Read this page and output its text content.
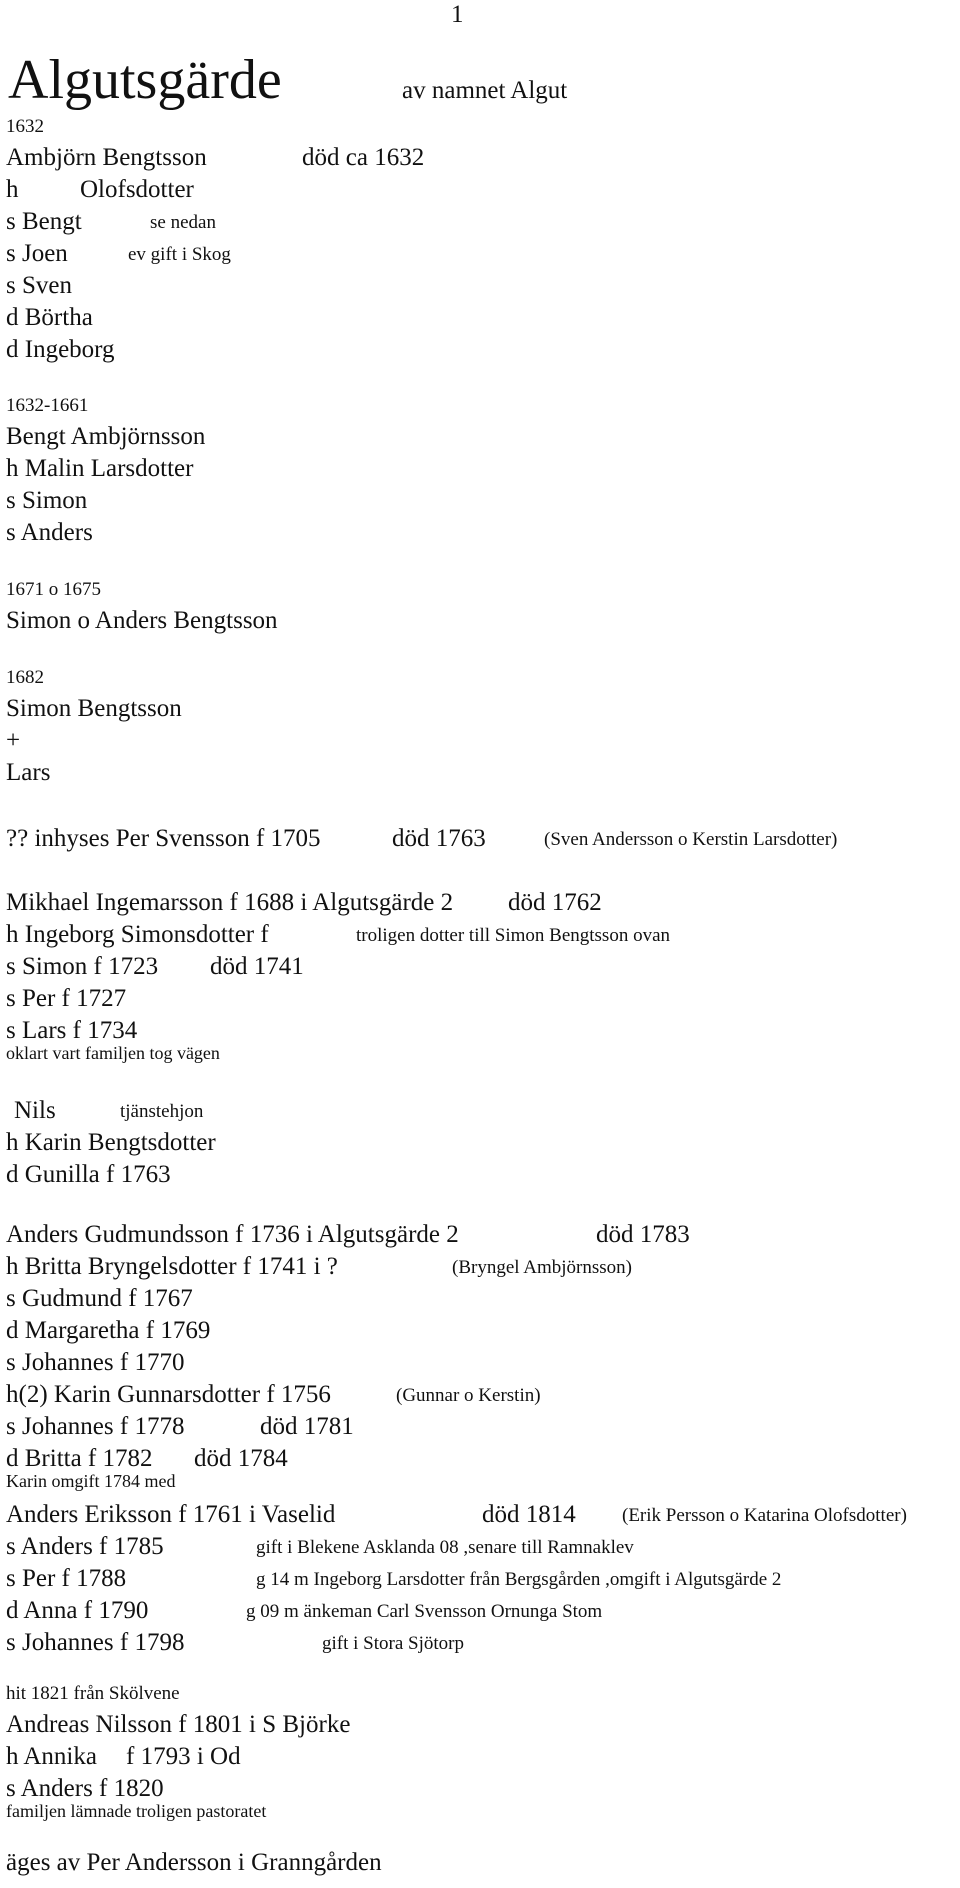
1
Algutsgärde	av namnet Algut
1632
Ambjörn Bengtsson	död ca 1632
h Olofsdotter
s Bengt	se nedan
s Joen	ev gift i Skog
s Sven
d Börtha
d Ingeborg
1632-1661
Bengt Ambjörnsson
h Malin Larsdotter
s Simon
s Anders
1671 o 1675
Simon o Anders Bengtsson
1682
Simon Bengtsson
+
Lars
?? inhyses Per Svensson f 1705	död 1763	(Sven Andersson o Kerstin Larsdotter)
Mikhael Ingemarsson f 1688 i Algutsgärde 2 död 1762
h Ingeborg Simonsdotter f	troligen dotter till Simon Bengtsson ovan
s Simon f 1723 död 1741
s Per f 1727
s Lars f 1734
oklart vart familjen tog vägen
Nils	tjänstehjon
h Karin Bengtsdotter
d Gunilla f 1763
Anders Gudmundsson f 1736 i Algutsgärde 2	död 1783
h Britta Bryngelsdotter f 1741 i ?	(Bryngel Ambjörnsson)
s Gudmund f 1767
d Margaretha f 1769
s Johannes f 1770
h(2) Karin Gunnarsdotter f 1756	(Gunnar o Kerstin)
s Johannes f 1778	död 1781
d Britta f 1782 död 1784
Karin omgift 1784 med
Anders Eriksson f 1761 i Vaselid	död 1814 (Erik Persson o Katarina Olofsdotter)
s Anders f 1785	gift i Blekene Asklanda 08 ,senare till Ramnaklev
s Per f 1788	g 14 m Ingeborg Larsdotter från Bergsgården ,omgift i Algutsgärde 2
d Anna f 1790	g 09 m änkeman Carl Svensson Ornunga Stom
s Johannes f 1798	gift i Stora Sjötorp
hit 1821 från Skölvene
Andreas Nilsson f 1801 i S Björke
h Annika f 1793 i Od
s Anders f 1820
familjen lämnade troligen pastoratet
äges av Per Andersson i Granngården
